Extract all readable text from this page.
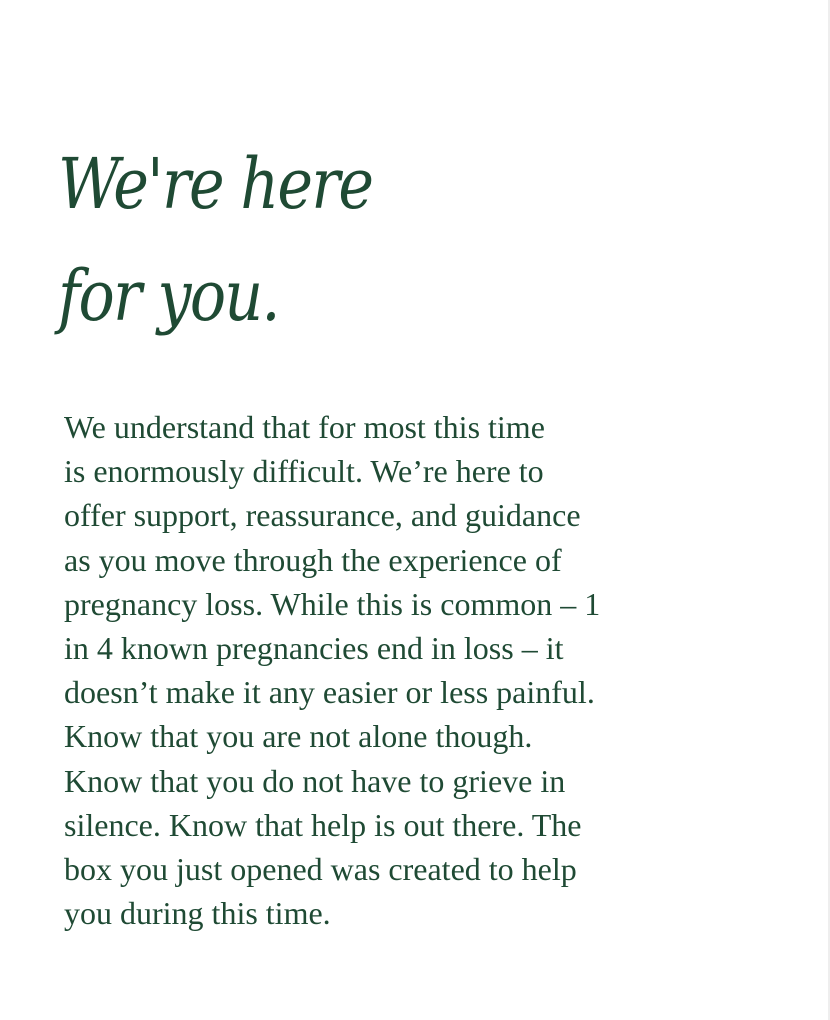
We're here
for you.

We understand that for most this time
is enormously difficult. We’re here to
offer support, reassurance, and guidance
as you move through the experience of
pregnancy loss. While this is common – 1
in 4 known pregnancies end in loss – it
doesn’t make it any easier or less painful.
Know that you are not alone though.
Know that you do not have to grieve in
silence. Know that help is out there. The
box you just opened was created to help
you during this time.
